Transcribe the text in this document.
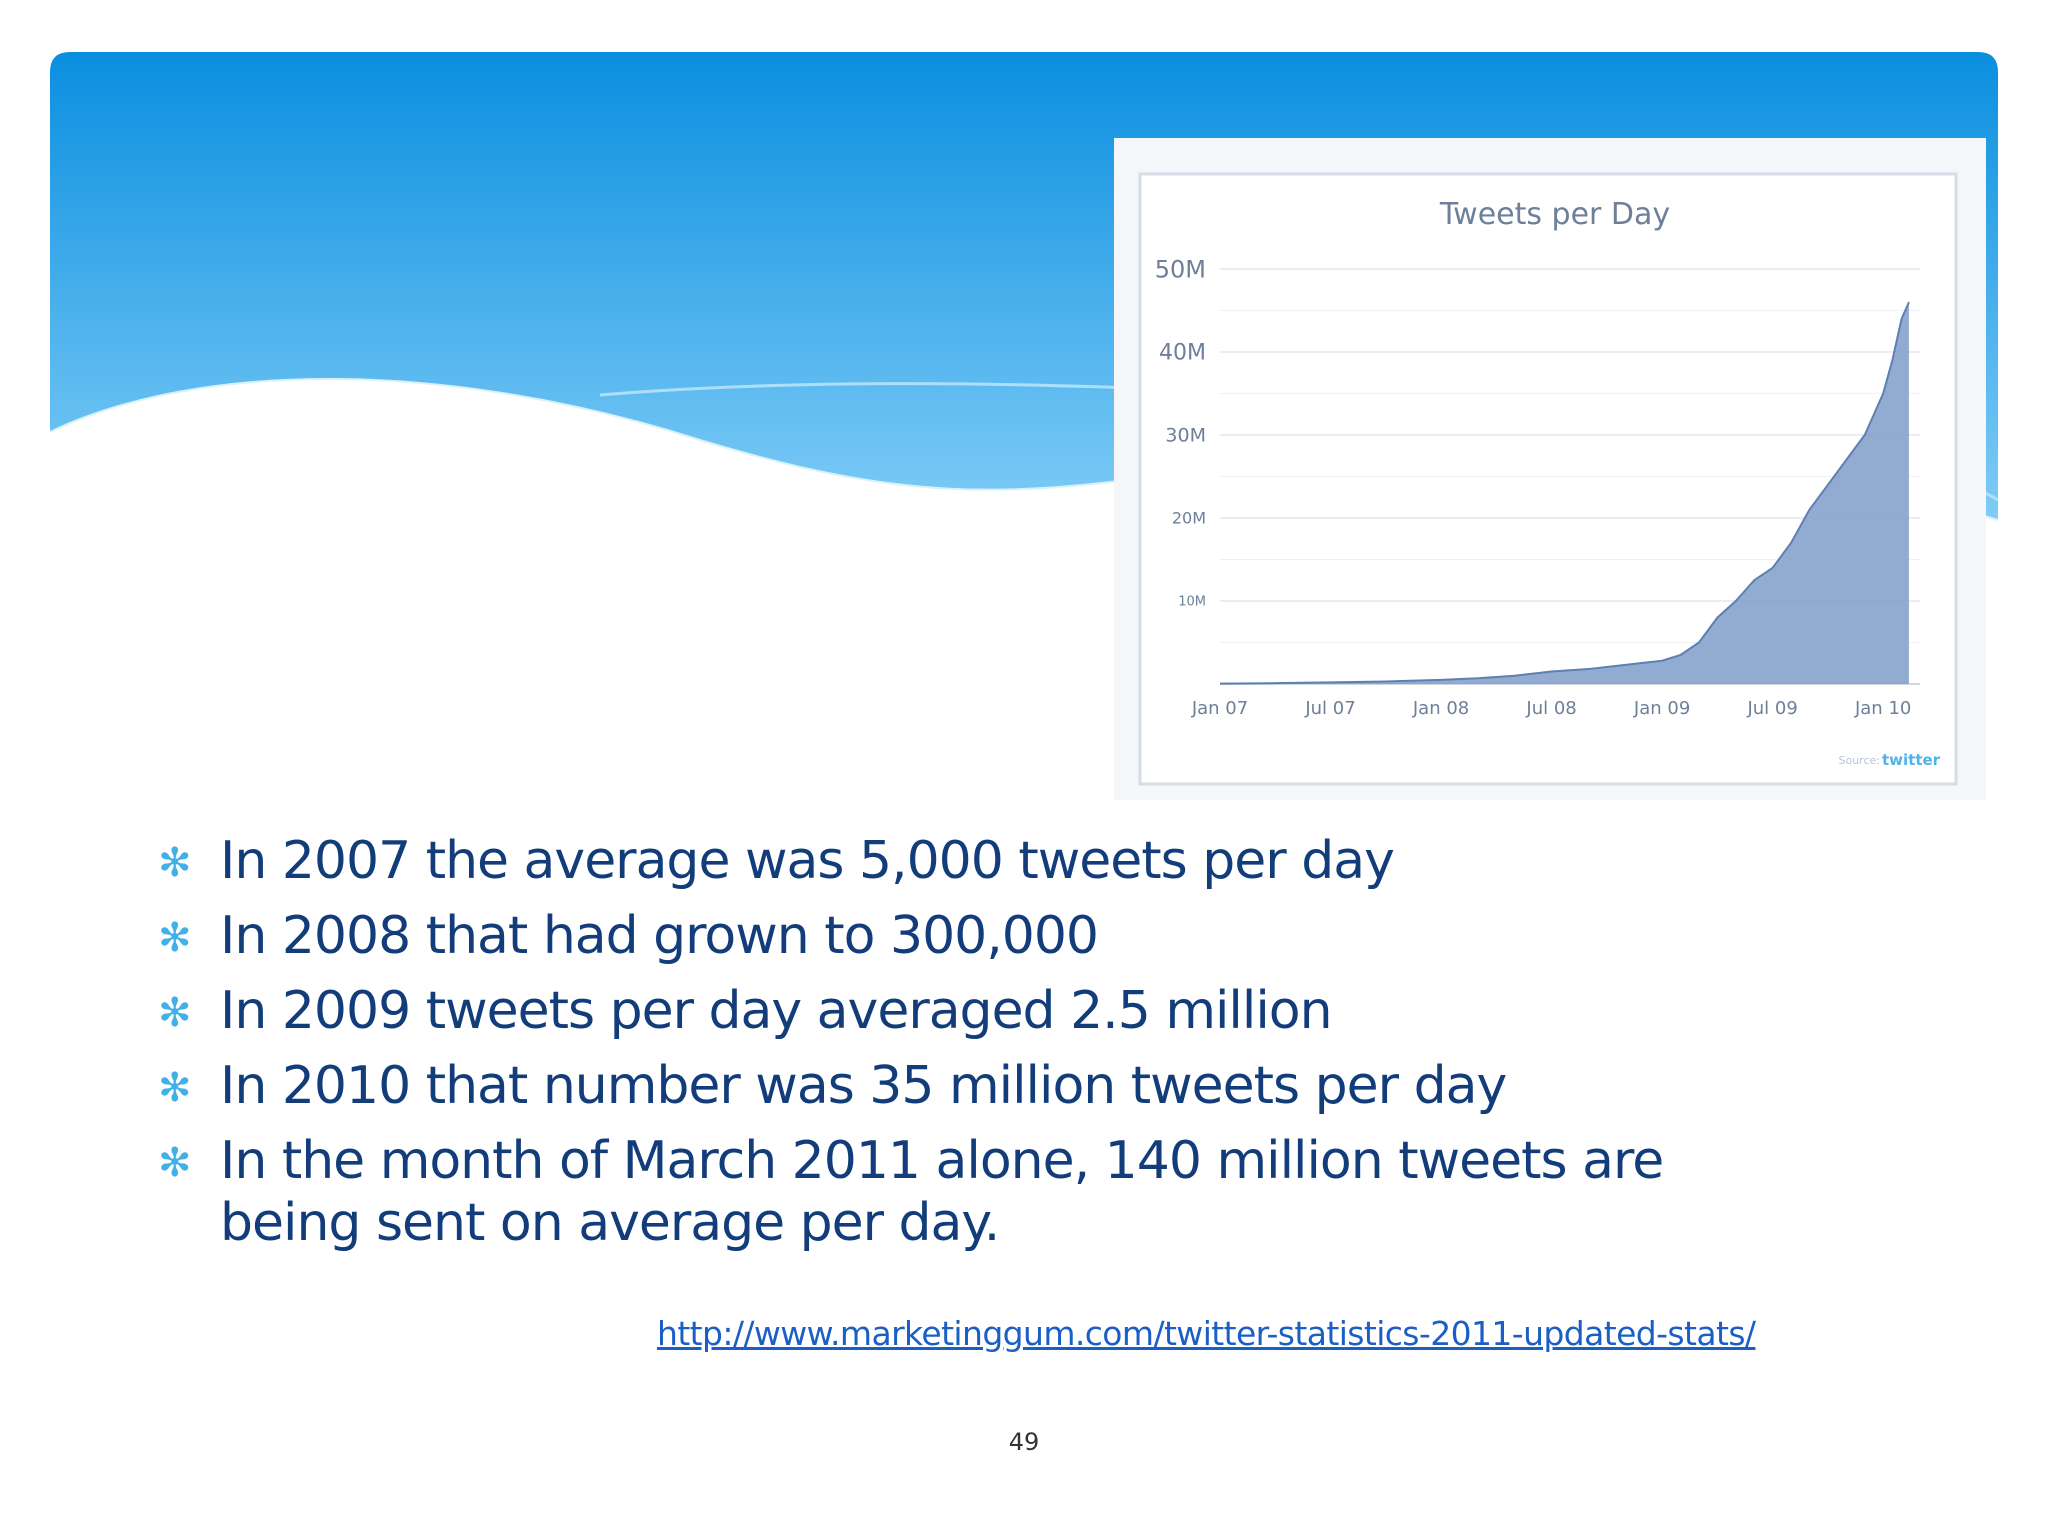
Tweets per Day
50M
40M
30M
20M
10M
Jan 07	Jul 07	Jan 08	Jul 08	Jan 09	Jul 09	Jan 10
Source: twitter
✻ In 2007 the average was 5,000 tweets per day
✻ In 2008 that had grown to 300,000
✻ In 2009 tweets per day averaged 2.5 million
✻ In 2010 that number was 35 million tweets per day
✻ In the month of March 2011 alone, 140 million tweets are being sent on average per day.
http://www.marketinggum.com/twitter-statistics-2011-updated-stats/
49
